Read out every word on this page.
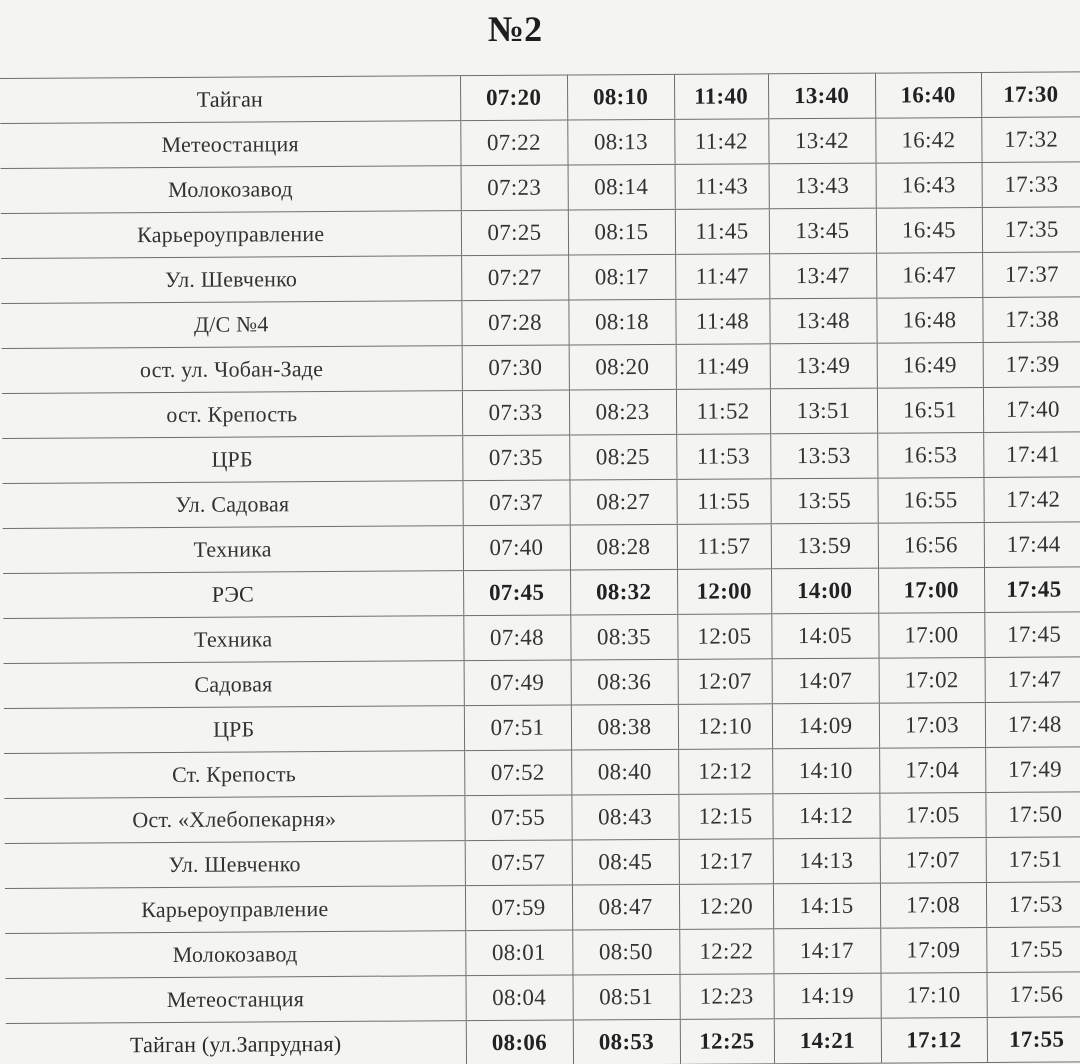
№2
Тайган	07:20	08:10	11:40	13:40	16:40	17:30
Метеостанция	07:22	08:13	11:42	13:42	16:42	17:32
Молокозавод	07:23	08:14	11:43	13:43	16:43	17:33
Карьероуправление	07:25	08:15	11:45	13:45	16:45	17:35
Ул. Шевченко	07:27	08:17	11:47	13:47	16:47	17:37
Д/С №4	07:28	08:18	11:48	13:48	16:48	17:38
ост. ул. Чобан-Заде	07:30	08:20	11:49	13:49	16:49	17:39
ост. Крепость	07:33	08:23	11:52	13:51	16:51	17:40
ЦРБ	07:35	08:25	11:53	13:53	16:53	17:41
Ул. Садовая	07:37	08:27	11:55	13:55	16:55	17:42
Техника	07:40	08:28	11:57	13:59	16:56	17:44
РЭС	07:45	08:32	12:00	14:00	17:00	17:45
Техника	07:48	08:35	12:05	14:05	17:00	17:45
Садовая	07:49	08:36	12:07	14:07	17:02	17:47
ЦРБ	07:51	08:38	12:10	14:09	17:03	17:48
Ст. Крепость	07:52	08:40	12:12	14:10	17:04	17:49
Ост. «Хлебопекарня»	07:55	08:43	12:15	14:12	17:05	17:50
Ул. Шевченко	07:57	08:45	12:17	14:13	17:07	17:51
Карьероуправление	07:59	08:47	12:20	14:15	17:08	17:53
Молокозавод	08:01	08:50	12:22	14:17	17:09	17:55
Метеостанция	08:04	08:51	12:23	14:19	17:10	17:56
Тайган (ул.Запрудная)	08:06	08:53	12:25	14:21	17:12	17:55
